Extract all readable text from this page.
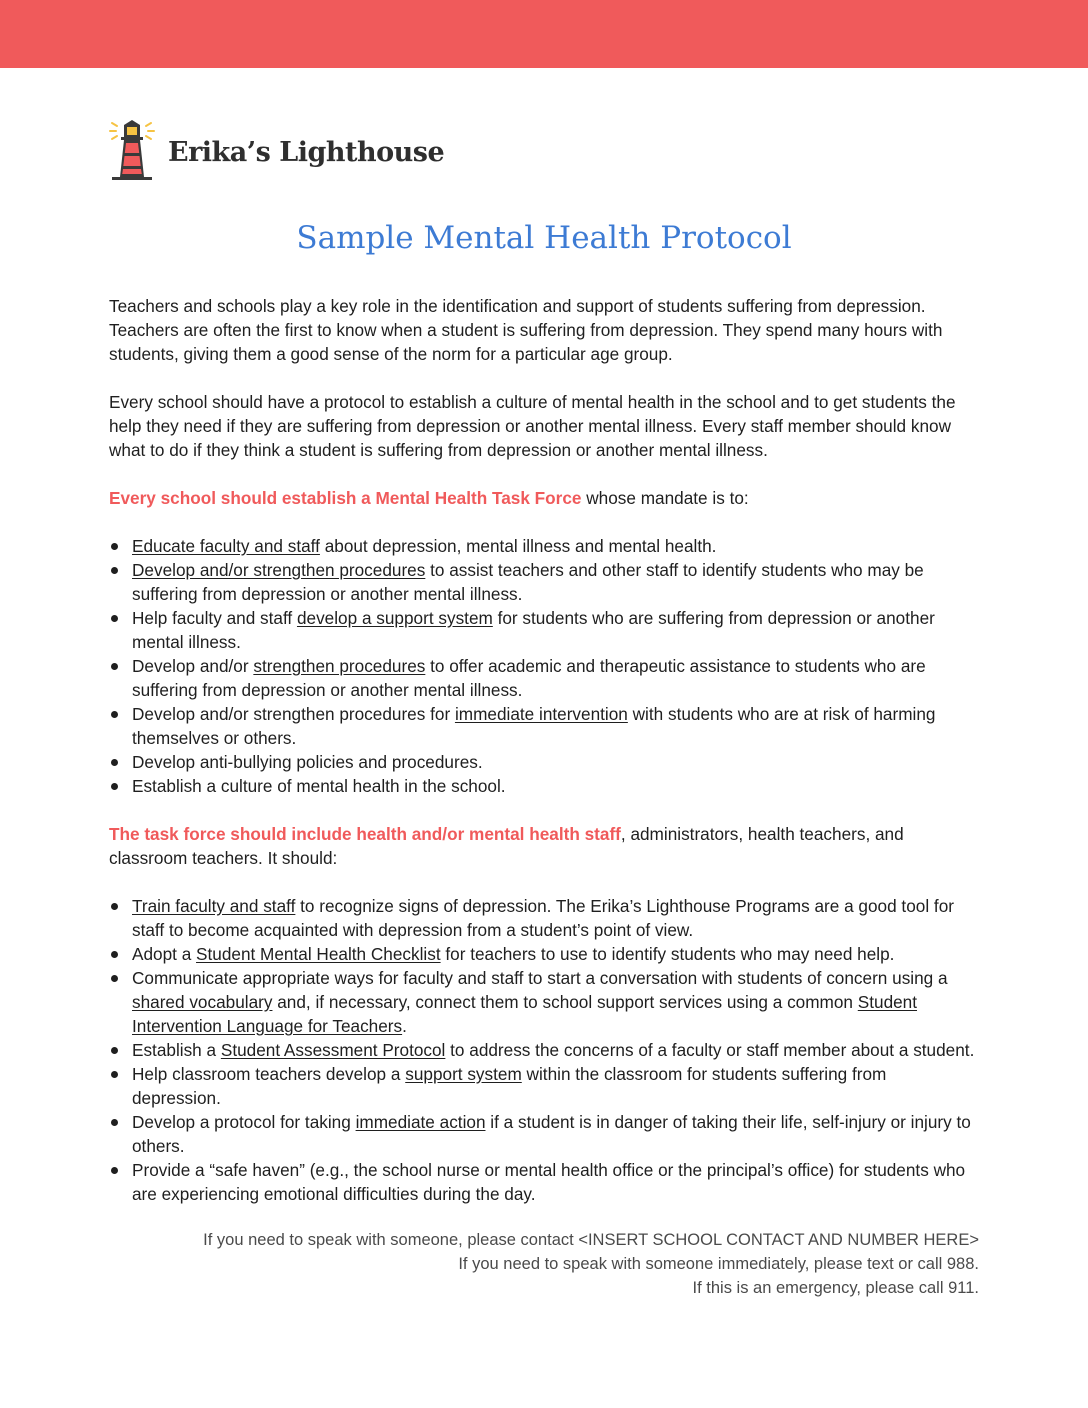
Erika’s Lighthouse
Sample Mental Health Protocol

Teachers and schools play a key role in the identification and support of students suffering from depression. Teachers are often the first to know when a student is suffering from depression. They spend many hours with students, giving them a good sense of the norm for a particular age group.

Every school should have a protocol to establish a culture of mental health in the school and to get students the help they need if they are suffering from depression or another mental illness. Every staff member should know what to do if they think a student is suffering from depression or another mental illness.

Every school should establish a Mental Health Task Force whose mandate is to:

Educate faculty and staff about depression, mental illness and mental health.
Develop and/or strengthen procedures to assist teachers and other staff to identify students who may be suffering from depression or another mental illness.
Help faculty and staff develop a support system for students who are suffering from depression or another mental illness.
Develop and/or strengthen procedures to offer academic and therapeutic assistance to students who are suffering from depression or another mental illness.
Develop and/or strengthen procedures for immediate intervention with students who are at risk of harming themselves or others.
Develop anti-bullying policies and procedures.
Establish a culture of mental health in the school.

The task force should include health and/or mental health staff, administrators, health teachers, and classroom teachers. It should:

Train faculty and staff to recognize signs of depression. The Erika’s Lighthouse Programs are a good tool for staff to become acquainted with depression from a student’s point of view.
Adopt a Student Mental Health Checklist for teachers to use to identify students who may need help.
Communicate appropriate ways for faculty and staff to start a conversation with students of concern using a shared vocabulary and, if necessary, connect them to school support services using a common Student Intervention Language for Teachers.
Establish a Student Assessment Protocol to address the concerns of a faculty or staff member about a student.
Help classroom teachers develop a support system within the classroom for students suffering from depression.
Develop a protocol for taking immediate action if a student is in danger of taking their life, self-injury or injury to others.
Provide a “safe haven” (e.g., the school nurse or mental health office or the principal’s office) for students who are experiencing emotional difficulties during the day.
If you need to speak with someone, please contact <INSERT SCHOOL CONTACT AND NUMBER HERE>
If you need to speak with someone immediately, please text or call 988.
If this is an emergency, please call 911.
